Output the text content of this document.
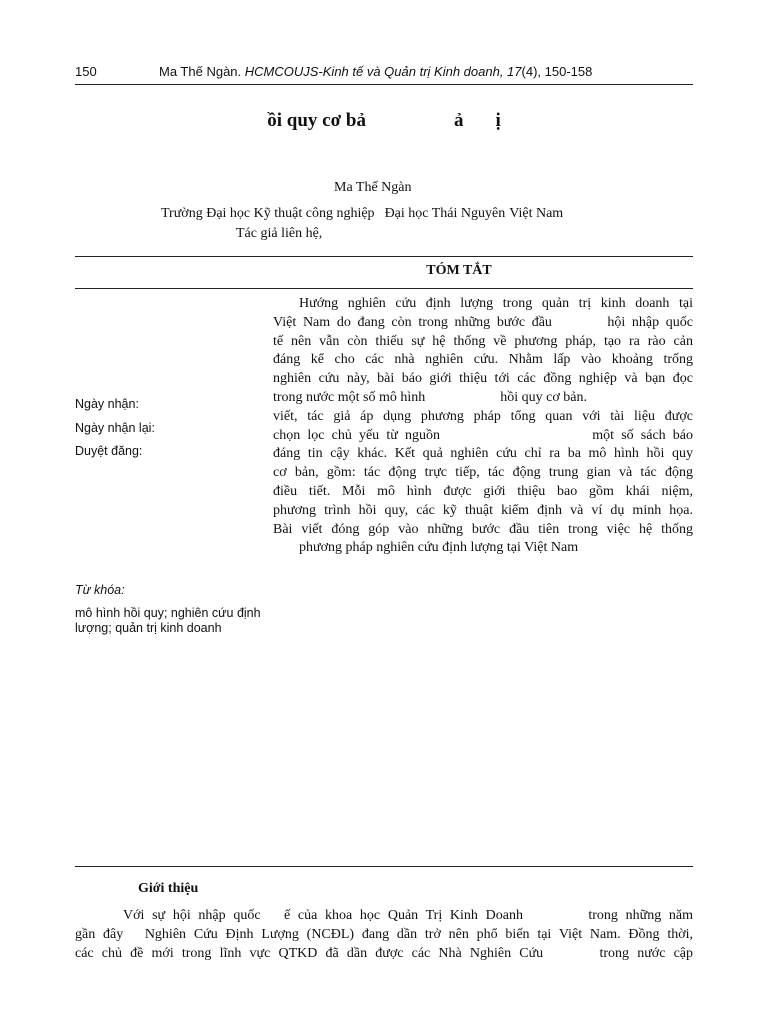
150	Ma Thế Ngàn. HCMCOUJS-Kinh tế và Quản trị Kinh doanh, 17(4), 150-158
ồi quy cơ bả	ả ị
Ma Thế Ngàn
Trường Đại học Kỹ thuật công nghiệp Đại học Thái Nguyên Việt Nam
Tác giả liên hệ,
TÓM TẮT
Ngày nhận:
Ngày nhận lại:
Duyệt đăng:
Từ khóa:
mô hình hồi quy; nghiên cứu định lượng; quản trị kinh doanh
Hướng nghiên cứu định lượng trong quản trị kinh doanh tại
Việt Nam do đang còn trong những bước đầu	hội nhập quốc
tế nên vẫn còn thiếu sự hệ thống về phương pháp, tạo ra rào cản
đáng kể cho các nhà nghiên cứu. Nhằm lấp vào khoảng trống
nghiên cứu này, bài báo giới thiệu tới các đồng nghiệp và bạn đọc
trong nước một số mô hình	hồi quy cơ bản.
viết, tác giả áp dụng phương pháp tổng quan với tài liệu được
chọn lọc chủ yếu từ nguồn	một số sách báo
đáng tin cậy khác. Kết quả nghiên cứu chỉ ra ba mô hình hồi quy
cơ bản, gồm: tác động trực tiếp, tác động trung gian và tác động
điều tiết. Mỗi mô hình được giới thiệu bao gồm khái niệm,
phương trình hồi quy, các kỹ thuật kiểm định và ví dụ minh họa.
Bài viết đóng góp vào những bước đầu tiên trong việc hệ thống
phương pháp nghiên cứu định lượng tại Việt Nam
Giới thiệu
Với sự hội nhập quốc ế của khoa học Quản Trị Kinh Doanh	trong những năm
gần đây Nghiên Cứu Định Lượng (NCĐL) đang dần trở nên phổ biến tại Việt Nam. Đồng thời,
các chủ đề mới trong lĩnh vực QTKD đã dần được các Nhà Nghiên Cứu	trong nước cập
